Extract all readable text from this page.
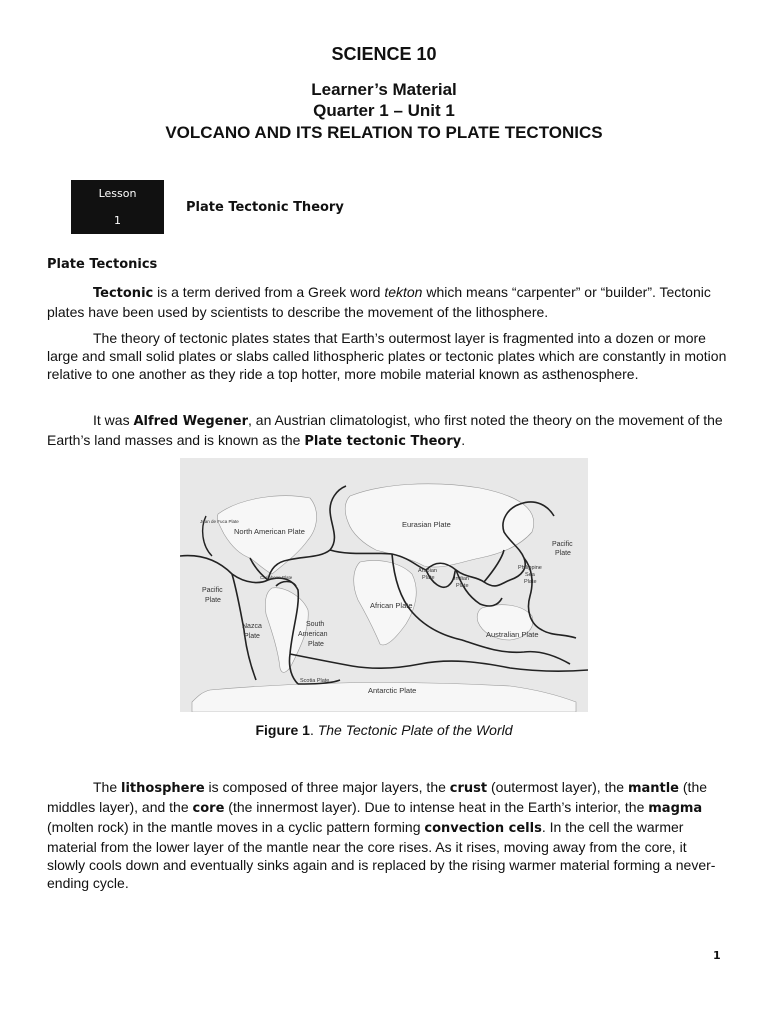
SCIENCE 10
Learner’s Material
Quarter 1 – Unit 1
VOLCANO AND ITS RELATION TO PLATE TECTONICS
Lesson
1
Plate Tectonic Theory
Plate Tectonics
Tectonic is a term derived from a Greek word tekton which means “carpenter” or “builder”. Tectonic plates have been used by scientists to describe the movement of the lithosphere.
The theory of tectonic plates states that Earth’s outermost layer is fragmented into a dozen or more large and small solid plates or slabs called lithospheric plates or tectonic plates which are constantly in motion relative to one another as they ride a top hotter, more mobile material known as asthenosphere.
It was Alfred Wegener, an Austrian climatologist, who first noted the theory on the movement of the Earth’s land masses and is known as the Plate tectonic Theory.
Juan de Fuca Plate
North American Plate
Eurasian Plate
Pacific
Plate
Philippine
Sea
Plate
Arabian
Plate	Indian
Plate
Caribbean Plate
Pacific
Plate
African Plate
Nazca
Plate
South
American
Plate
Australian Plate
Scotia Plate
Antarctic Plate
Figure 1. The Tectonic Plate of the World
The lithosphere is composed of three major layers, the crust (outermost layer), the mantle (the middles layer), and the core (the innermost layer). Due to intense heat in the Earth’s interior, the magma (molten rock) in the mantle moves in a cyclic pattern forming convection cells. In the cell the warmer material from the lower layer of the mantle near the core rises. As it rises, moving away from the core, it slowly cools down and eventually sinks again and is replaced by the rising warmer material forming a never-ending cycle.
1
